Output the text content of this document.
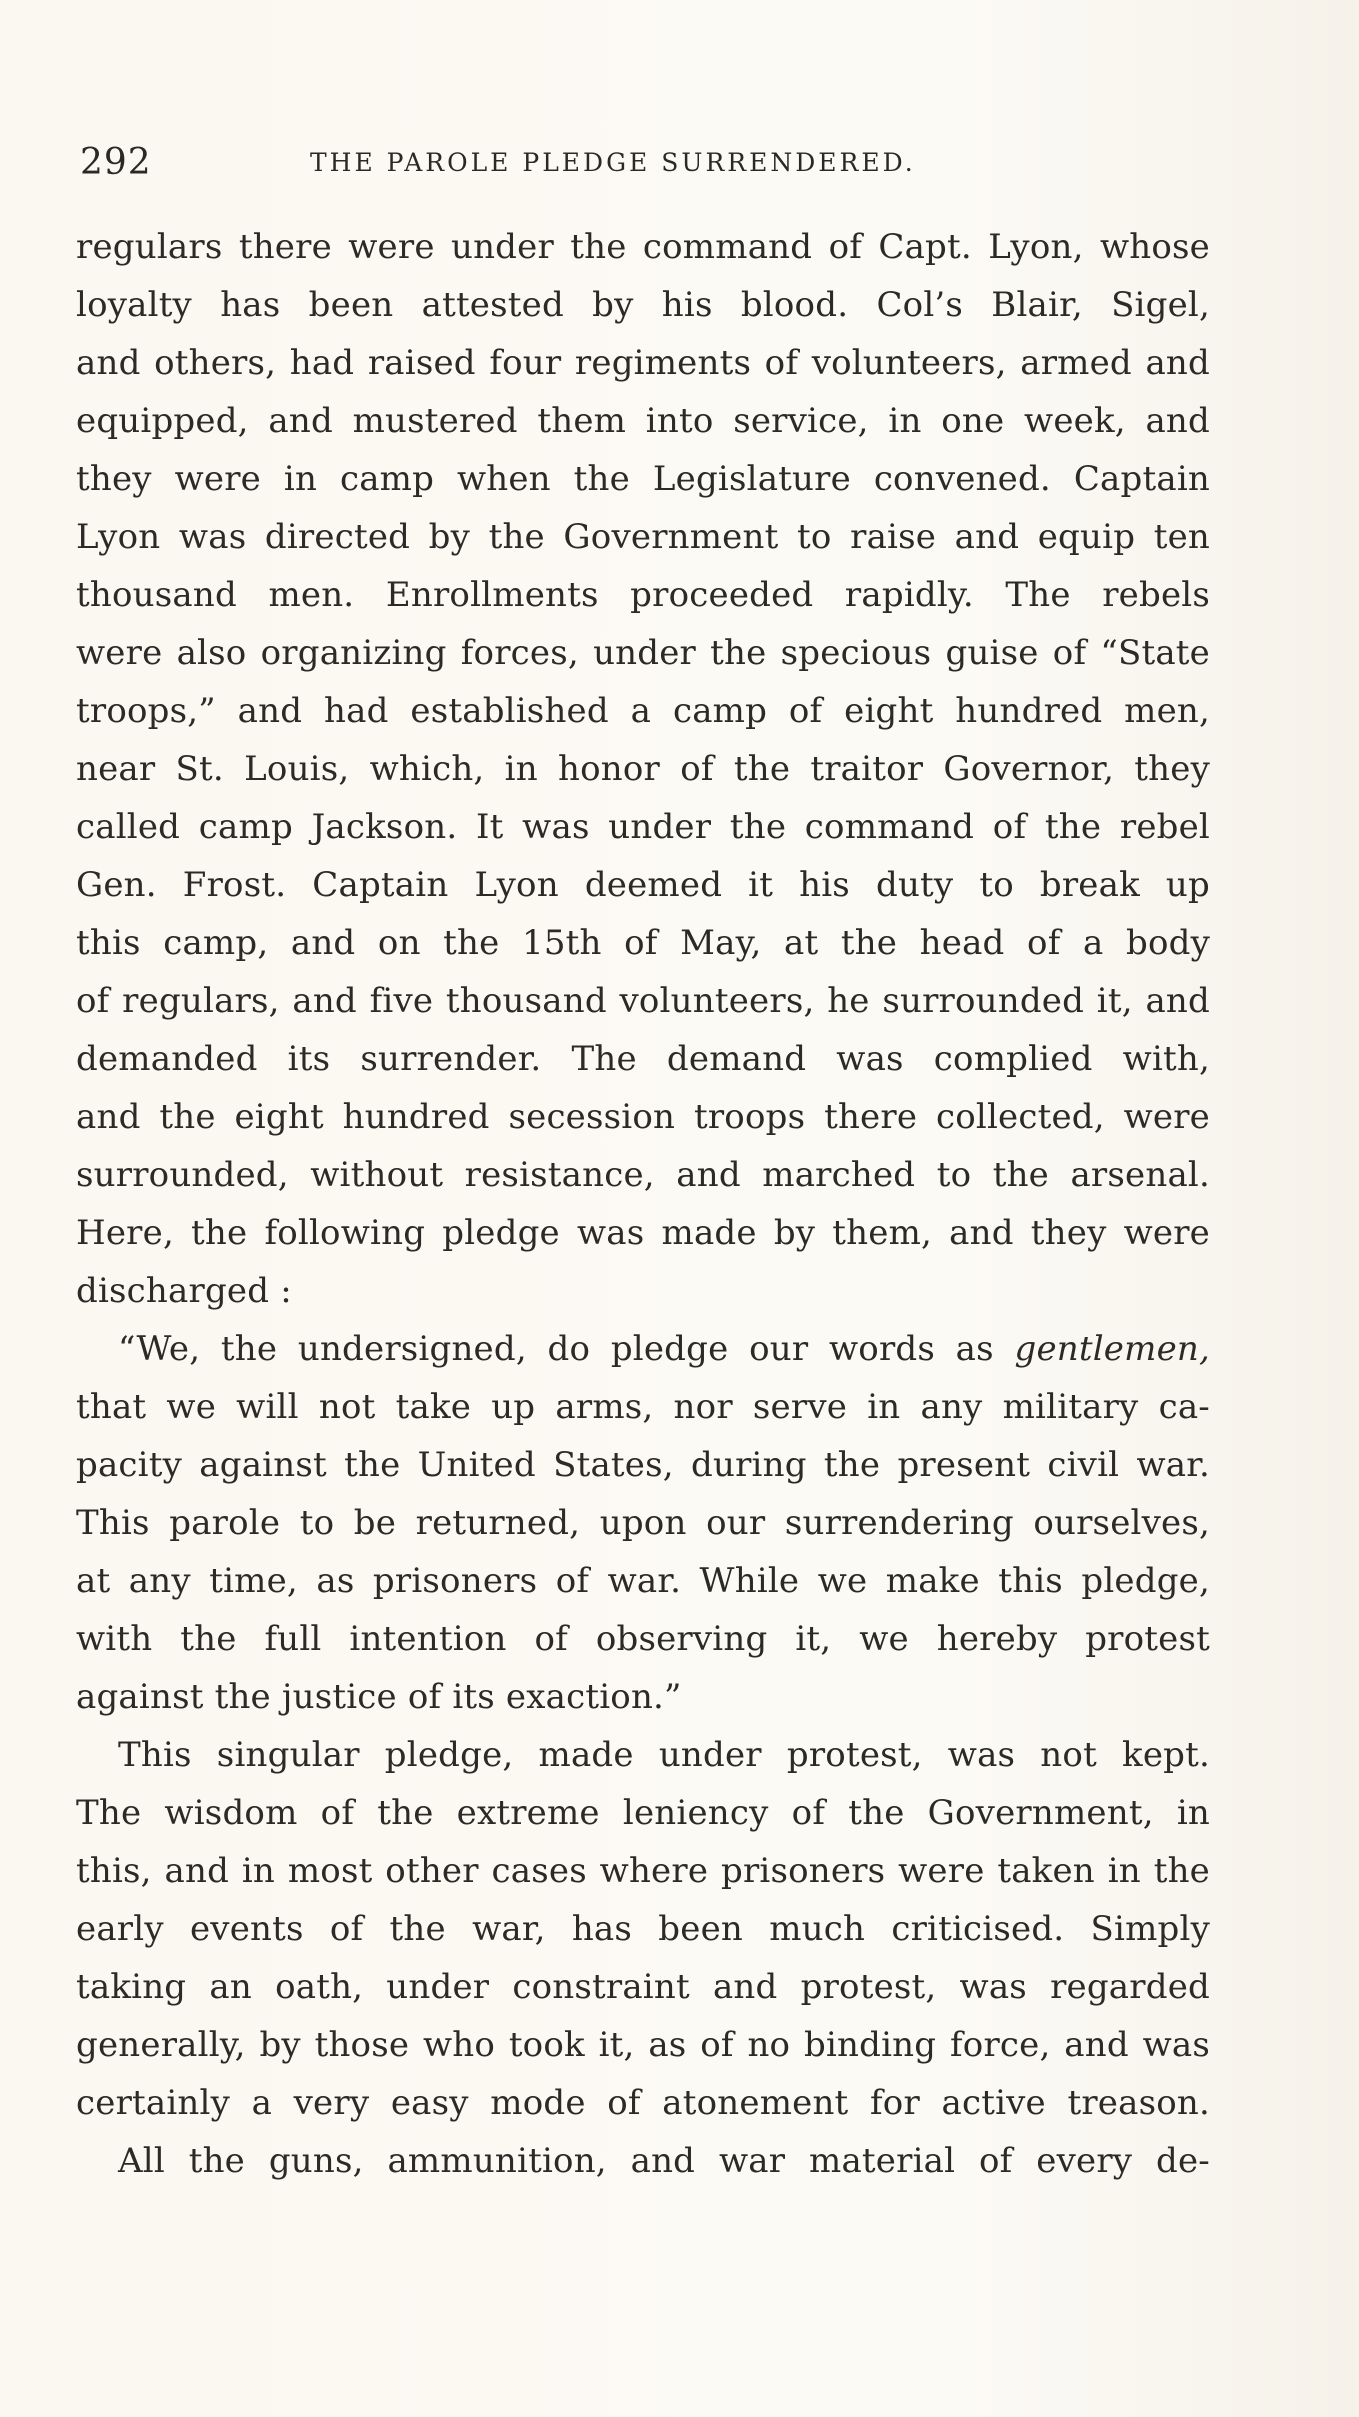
292	THE PAROLE PLEDGE SURRENDERED.
regulars there were under the command of Capt. Lyon, whose
loyalty has been attested by his blood. Col’s Blair, Sigel,
and others, had raised four regiments of volunteers, armed and
equipped, and mustered them into service, in one week, and
they were in camp when the Legislature convened. Captain
Lyon was directed by the Government to raise and equip ten
thousand men. Enrollments proceeded rapidly. The rebels
were also organizing forces, under the specious guise of “State
troops,” and had established a camp of eight hundred men,
near St. Louis, which, in honor of the traitor Governor, they
called camp Jackson. It was under the command of the rebel
Gen. Frost. Captain Lyon deemed it his duty to break up
this camp, and on the 15th of May, at the head of a body
of regulars, and five thousand volunteers, he surrounded it, and
demanded its surrender. The demand was complied with,
and the eight hundred secession troops there collected, were
surrounded, without resistance, and marched to the arsenal.
Here, the following pledge was made by them, and they were
discharged :
“We, the undersigned, do pledge our words as gentlemen,
that we will not take up arms, nor serve in any military ca-
pacity against the United States, during the present civil war.
This parole to be returned, upon our surrendering ourselves,
at any time, as prisoners of war. While we make this pledge,
with the full intention of observing it, we hereby protest
against the justice of its exaction.”
This singular pledge, made under protest, was not kept.
The wisdom of the extreme leniency of the Government, in
this, and in most other cases where prisoners were taken in the
early events of the war, has been much criticised. Simply
taking an oath, under constraint and protest, was regarded
generally, by those who took it, as of no binding force, and was
certainly a very easy mode of atonement for active treason.
All the guns, ammunition, and war material of every de-
